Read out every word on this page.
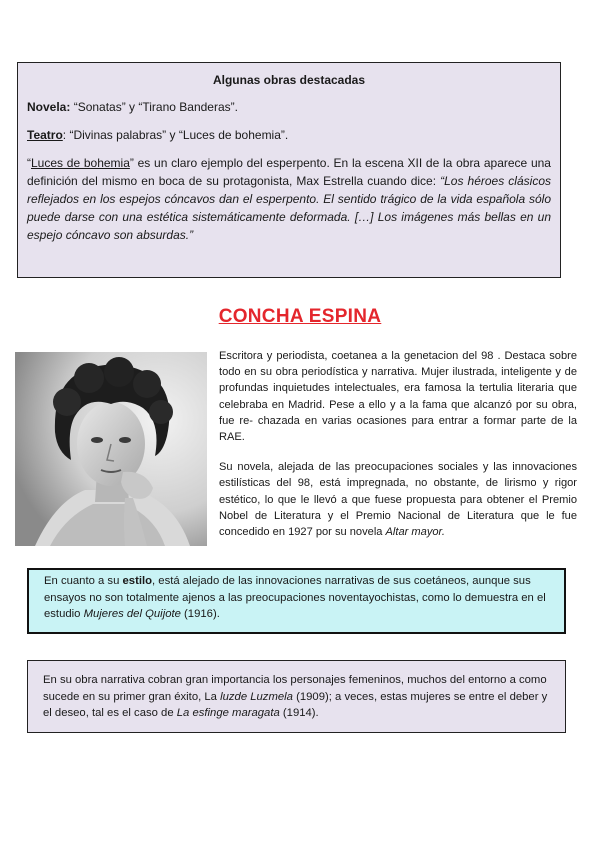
Algunas obras destacadas

Novela: “Sonatas” y “Tirano Banderas”.

Teatro: “Divinas palabras” y “Luces de bohemia”.

“Luces de bohemia” es un claro ejemplo del esperpento. En la escena XII de la obra aparece una definición del mismo en boca de su protagonista, Max Estrella cuando dice: “Los héroes clásicos reflejados en los espejos cóncavos dan el esperpento. El sentido trágico de la vida española sólo puede darse con una estética sistemáticamente deformada. […] Los imágenes más bellas en un espejo cóncavo son absurdas.”

CONCHA ESPINA

Escritora y periodista, coetanea a la genetacion del 98 . Destaca sobre todo en su obra periodística y narrativa. Mujer ilustrada, inteligente y de profundas inquietudes intelectuales, era famosa la tertulia literaria que celebraba en Madrid. Pese a ello y a la fama que alcanzó por su obra, fue re- chazada en varias ocasiones para entrar a formar parte de la RAE.

Su novela, alejada de las preocupaciones sociales y las innovaciones estilísticas del 98, está impregnada, no obstante, de lirismo y rigor estético, lo que le llevó a que fuese propuesta para obtener el Premio Nobel de Literatura y el Premio Nacional de Literatura que le fue concedido en 1927 por su novela Altar mayor.

En cuanto a su estilo, está alejado de las innovaciones narrativas de sus coetáneos, aunque sus ensayos no son totalmente ajenos a las preocupaciones noventayochistas, como lo demuestra en el estudio Mujeres del Quijote (1916).
En su obra narrativa cobran gran importancia los personajes femeninos, muchos del entorno a como sucede en su primer gran éxito, La luzde Luzmela (1909); a veces, estas mujeres se entre el deber y el deseo, tal es el caso de La esfinge maragata (1914).
